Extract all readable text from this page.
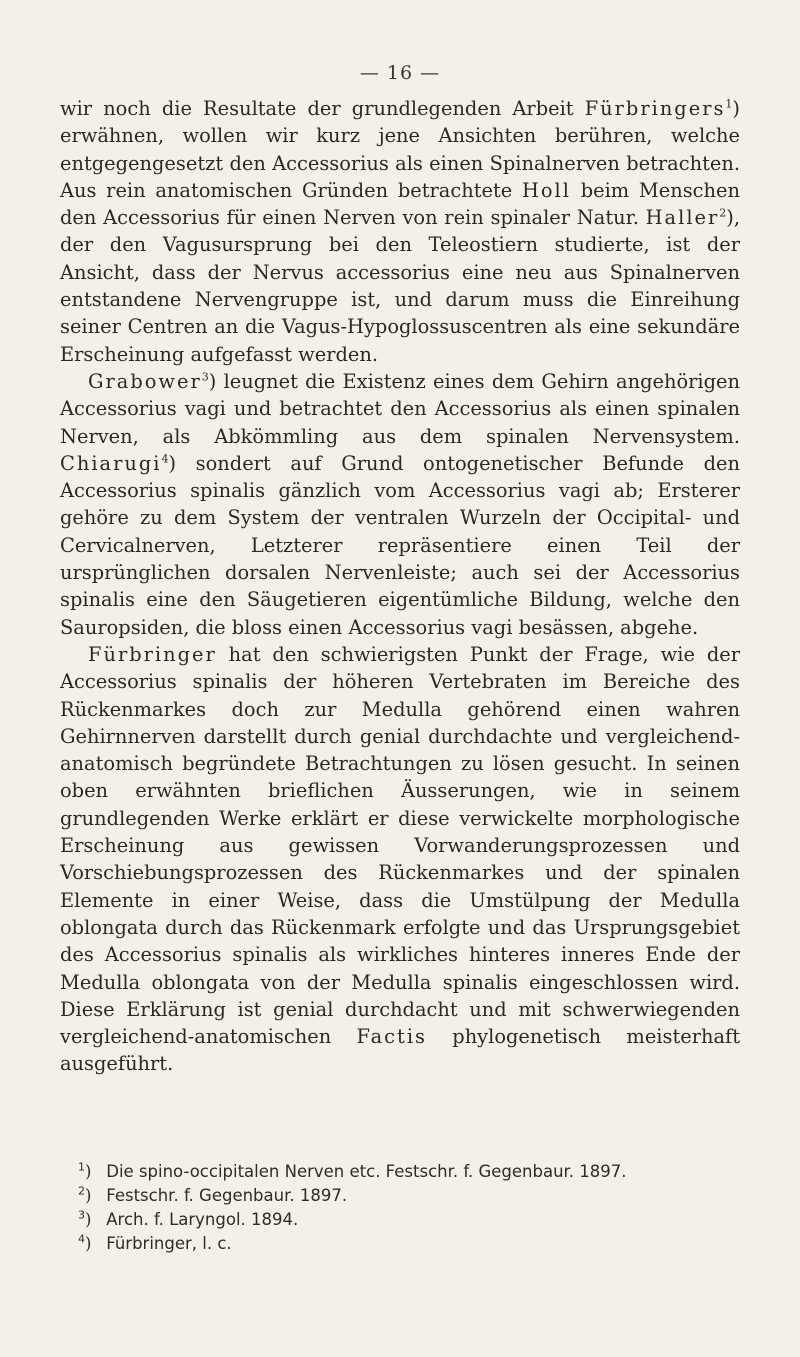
— 16 —

wir noch die Resultate der grundlegenden Arbeit Fürbringers$^1$) erwähnen, wollen wir kurz jene Ansichten berühren, welche entgegengesetzt den Accessorius als einen Spinalnerven betrachten. Aus rein anatomischen Gründen betrachtete Holl beim Menschen den Accessorius für einen Nerven von rein spinaler Natur. Haller$^2$), der den Vagusursprung bei den Teleostiern studierte, ist der Ansicht, dass der Nervus accessorius eine neu aus Spinalnerven entstandene Nervengruppe ist, und darum muss die Einreihung seiner Centren an die Vagus-Hypoglossuscentren als eine sekundäre Erscheinung aufgefasst werden.

Grabower$^3$) leugnet die Existenz eines dem Gehirn angehörigen Accessorius vagi und betrachtet den Accessorius als einen spinalen Nerven, als Abkömmling aus dem spinalen Nervensystem. Chiarugi$^4$) sondert auf Grund ontogenetischer Befunde den Accessorius spinalis gänzlich vom Accessorius vagi ab; Ersterer gehöre zu dem System der ventralen Wurzeln der Occipital- und Cervicalnerven, Letzterer repräsentiere einen Teil der ursprünglichen dorsalen Nervenleiste; auch sei der Accessorius spinalis eine den Säugetieren eigentümliche Bildung, welche den Sauropsiden, die bloss einen Accessorius vagi besässen, abgehe.

Fürbringer hat den schwierigsten Punkt der Frage, wie der Accessorius spinalis der höheren Vertebraten im Bereiche des Rückenmarkes doch zur Medulla gehörend einen wahren Gehirnnerven darstellt durch genial durchdachte und vergleichend-anatomisch begründete Betrachtungen zu lösen gesucht. In seinen oben erwähnten brieflichen Äusserungen, wie in seinem grundlegenden Werke erklärt er diese verwickelte morphologische Erscheinung aus gewissen Vorwanderungsprozessen und Vorschiebungsprozessen des Rückenmarkes und der spinalen Elemente in einer Weise, dass die Umstülpung der Medulla oblongata durch das Rückenmark erfolgte und das Ursprungsgebiet des Accessorius spinalis als wirkliches hinteres inneres Ende der Medulla oblongata von der Medulla spinalis eingeschlossen wird. Diese Erklärung ist genial durchdacht und mit schwerwiegenden vergleichend-anatomischen Factis phylogenetisch meisterhaft ausgeführt.

$^1$) Die spino-occipitalen Nerven etc. Festschr. f. Gegenbaur. 1897.
$^2$) Festschr. f. Gegenbaur. 1897.
$^3$) Arch. f. Laryngol. 1894.
$^4$) Fürbringer, l. c.
